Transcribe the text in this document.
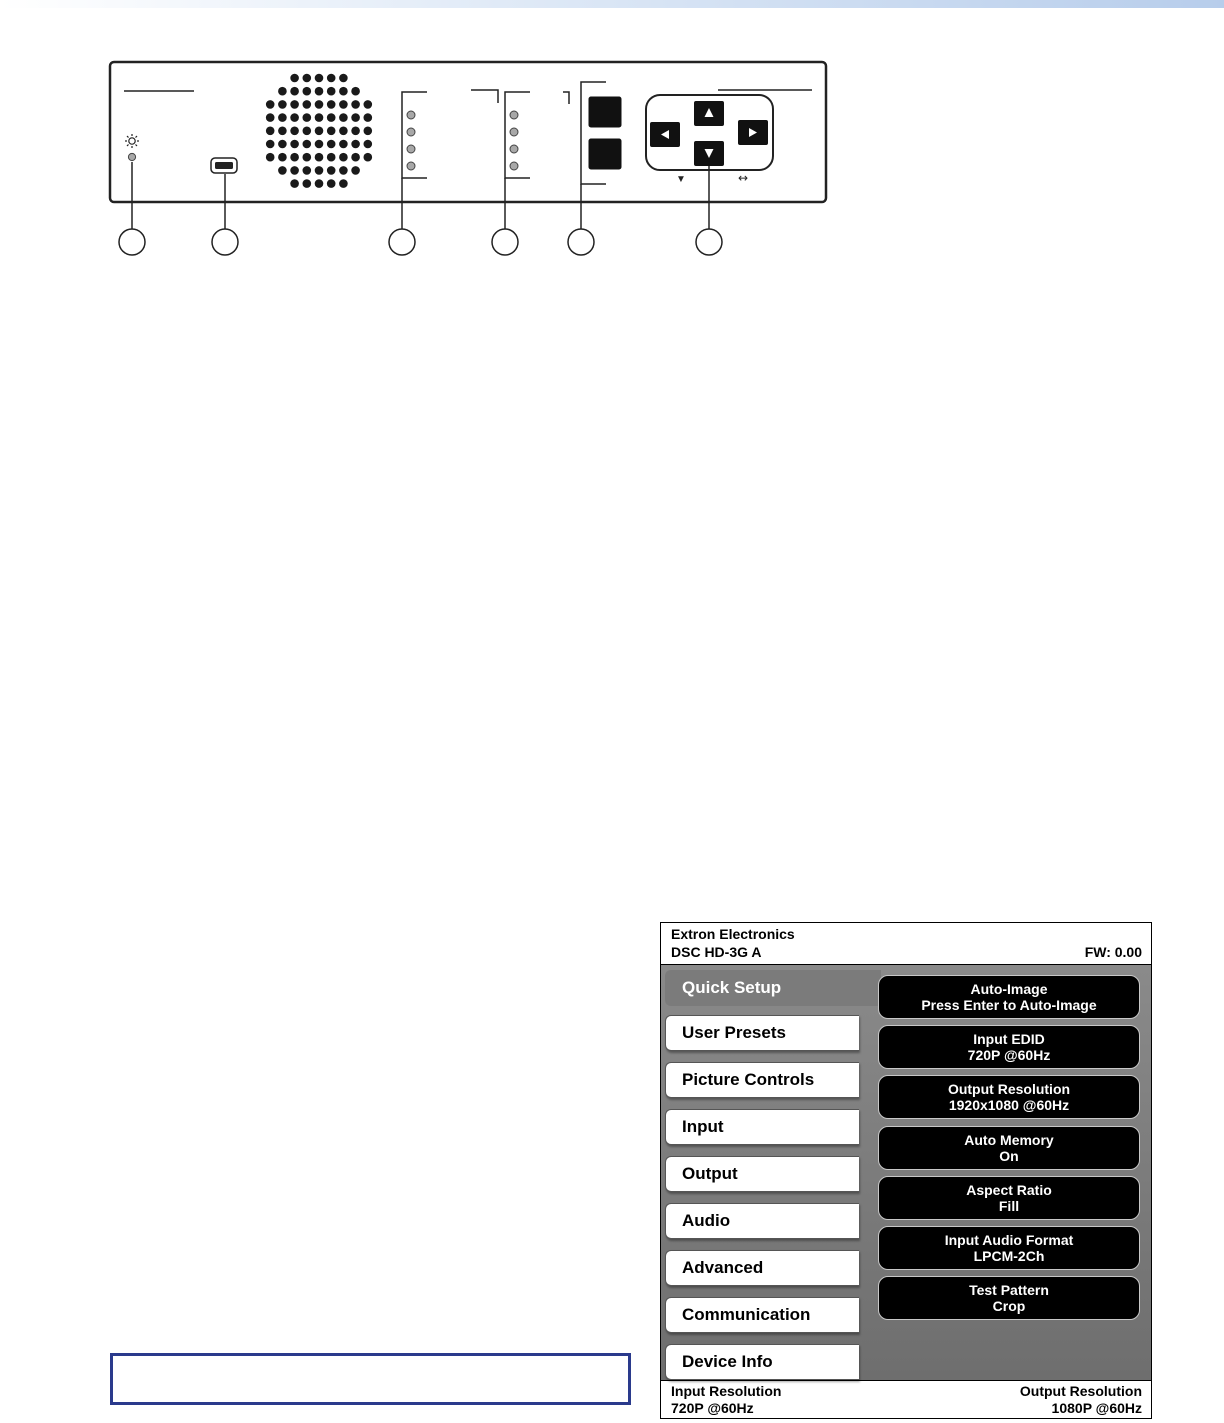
▼	↔
Extron Electronics
DSC HD-3G A	FW: 0.00
Quick Setup
User Presets
Picture Controls
Input
Output
Audio
Advanced
Communication
Device Info
Auto-Image
Press Enter to Auto-Image
Input EDID
720P @60Hz
Output Resolution
1920x1080 @60Hz
Auto Memory
On
Aspect Ratio
Fill
Input Audio Format
LPCM-2Ch
Test Pattern
Crop
Input Resolution
720P @60Hz
Output Resolution
1080P @60Hz
